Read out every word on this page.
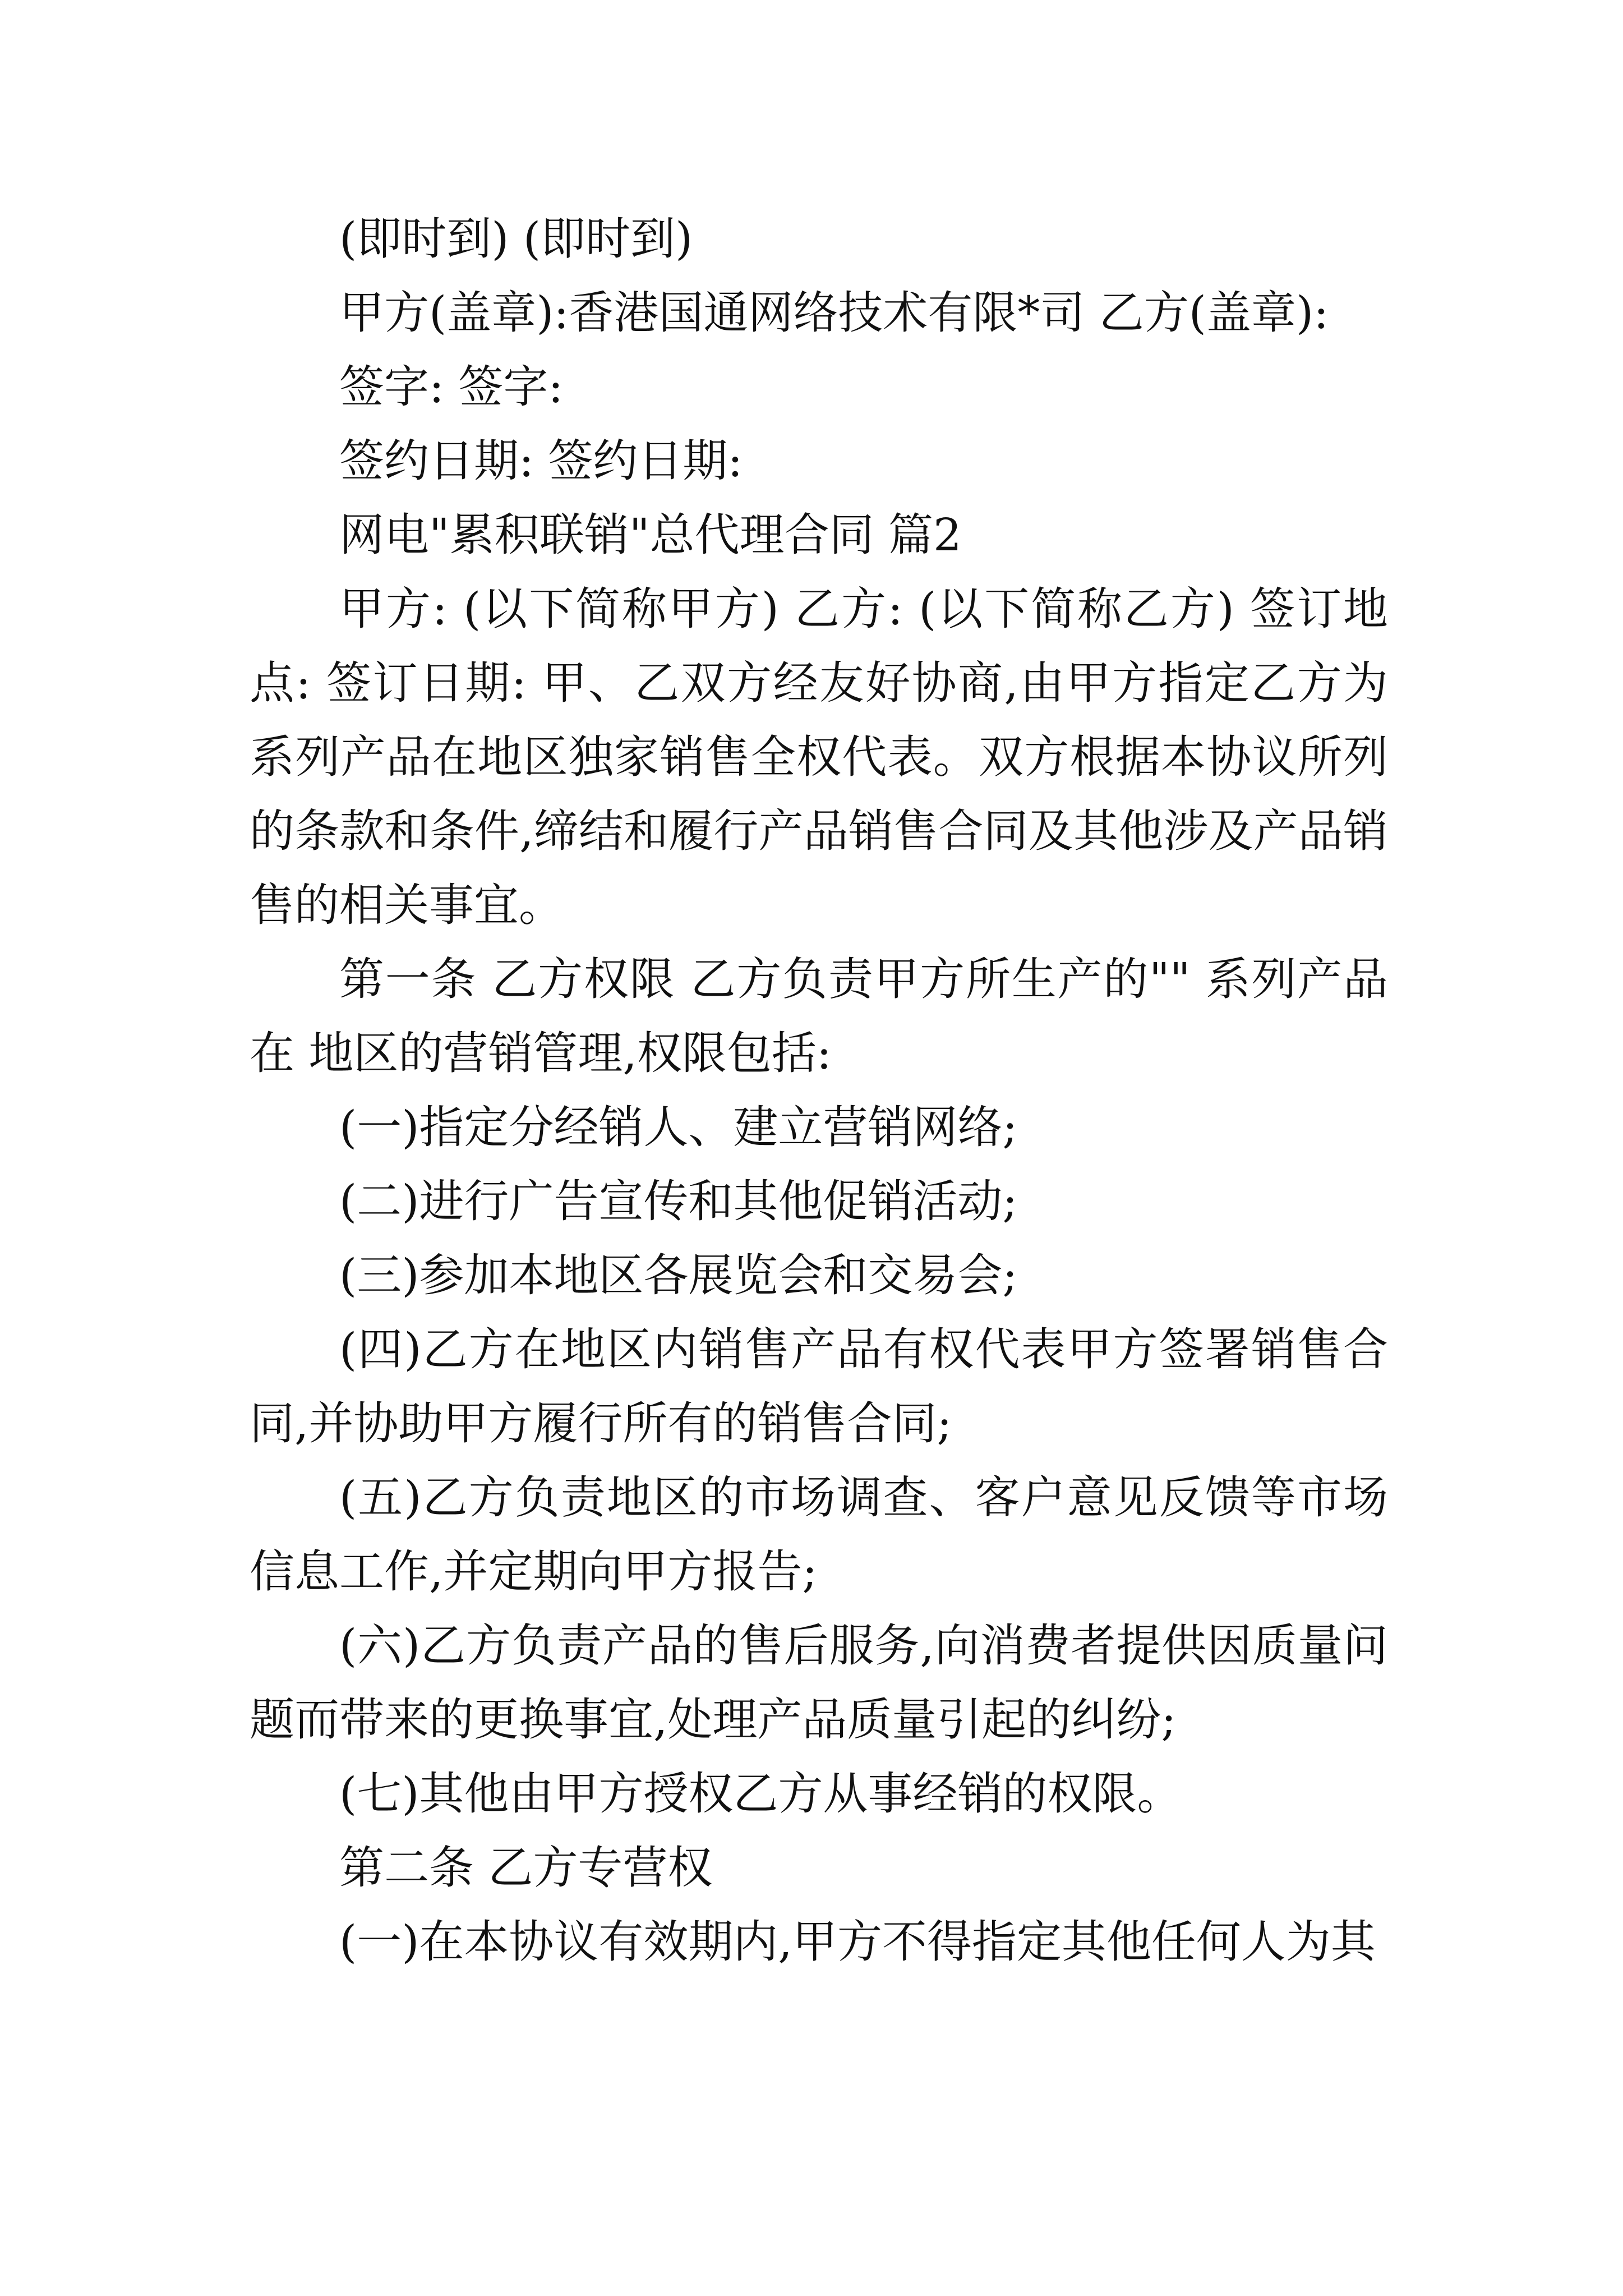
(即时到) (即时到)

甲方(盖章):香港国通网络技术有限*司 乙方(盖章):

签字: 签字:

签约日期: 签约日期:

网电"累积联销"总代理合同 篇2

甲方: (以下简称甲方) 乙方: (以下简称乙方) 签订地点: 签订日期: 甲、乙双方经友好协商,由甲方指定乙方为系列产品在地区独家销售全权代表。双方根据本协议所列的条款和条件,缔结和履行产品销售合同及其他涉及产品销售的相关事宜。

第一条 乙方权限 乙方负责甲方所生产的"" 系列产品在 地区的营销管理,权限包括:

(一)指定分经销人、建立营销网络;

(二)进行广告宣传和其他促销活动;

(三)参加本地区各展览会和交易会;

(四)乙方在地区内销售产品有权代表甲方签署销售合同,并协助甲方履行所有的销售合同;

(五)乙方负责地区的市场调查、客户意见反馈等市场信息工作,并定期向甲方报告;

(六)乙方负责产品的售后服务,向消费者提供因质量问题而带来的更换事宜,处理产品质量引起的纠纷;

(七)其他由甲方授权乙方从事经销的权限。

第二条 乙方专营权

(一)在本协议有效期内,甲方不得指定其他任何人为其
